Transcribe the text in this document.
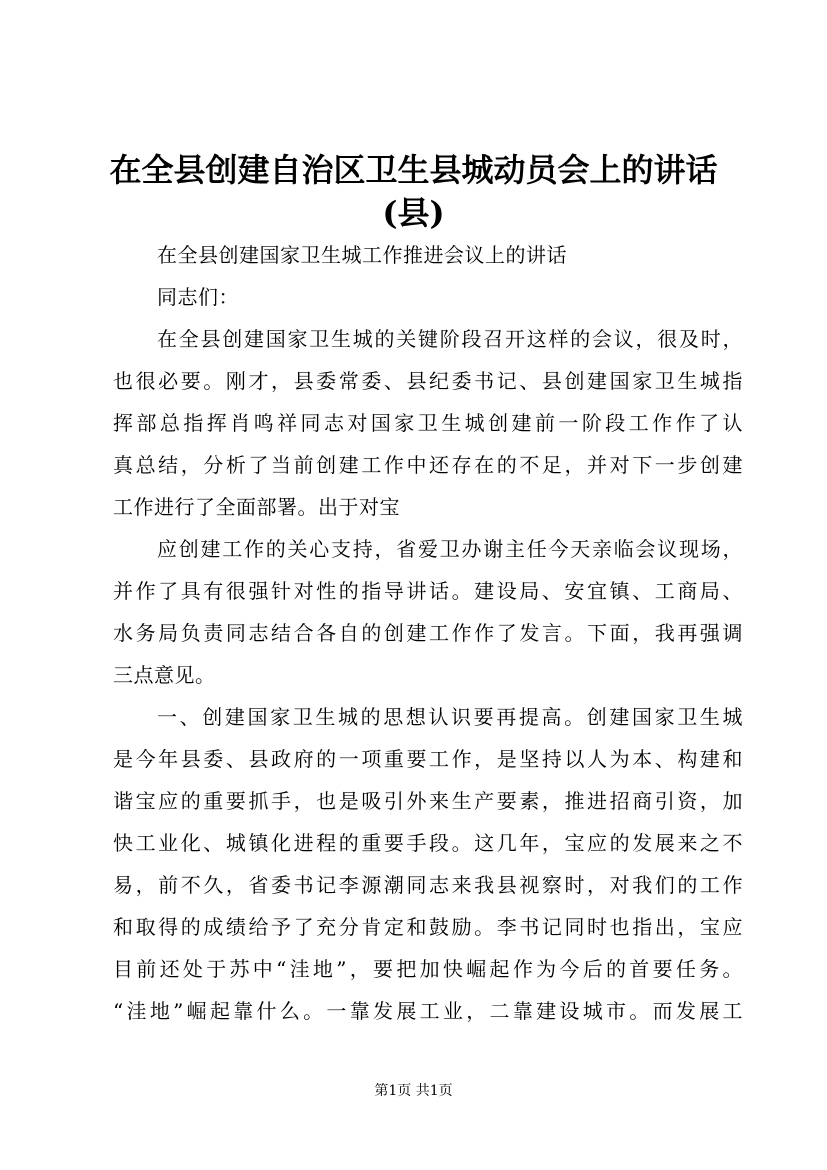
在全县创建自治区卫生县城动员会上的讲话
(县)
在全县创建国家卫生城工作推进会议上的讲话
同志们：
在全县创建国家卫生城的关键阶段召开这样的会议，很及时，
也很必要。刚才，县委常委、县纪委书记、县创建国家卫生城指
挥部总指挥肖鸣祥同志对国家卫生城创建前一阶段工作作了认
真总结，分析了当前创建工作中还存在的不足，并对下一步创建
工作进行了全面部署。出于对宝
应创建工作的关心支持，省爱卫办谢主任今天亲临会议现场，
并作了具有很强针对性的指导讲话。建设局、安宜镇、工商局、
水务局负责同志结合各自的创建工作作了发言。下面，我再强调
三点意见。
一、创建国家卫生城的思想认识要再提高。创建国家卫生城
是今年县委、县政府的一项重要工作，是坚持以人为本、构建和
谐宝应的重要抓手，也是吸引外来生产要素，推进招商引资，加
快工业化、城镇化进程的重要手段。这几年，宝应的发展来之不
易，前不久，省委书记李源潮同志来我县视察时，对我们的工作
和取得的成绩给予了充分肯定和鼓励。李书记同时也指出，宝应
目前还处于苏中“洼地”，要把加快崛起作为今后的首要任务。
“洼地”崛起靠什么。一靠发展工业，二靠建设城市。而发展工
第1页 共1页
